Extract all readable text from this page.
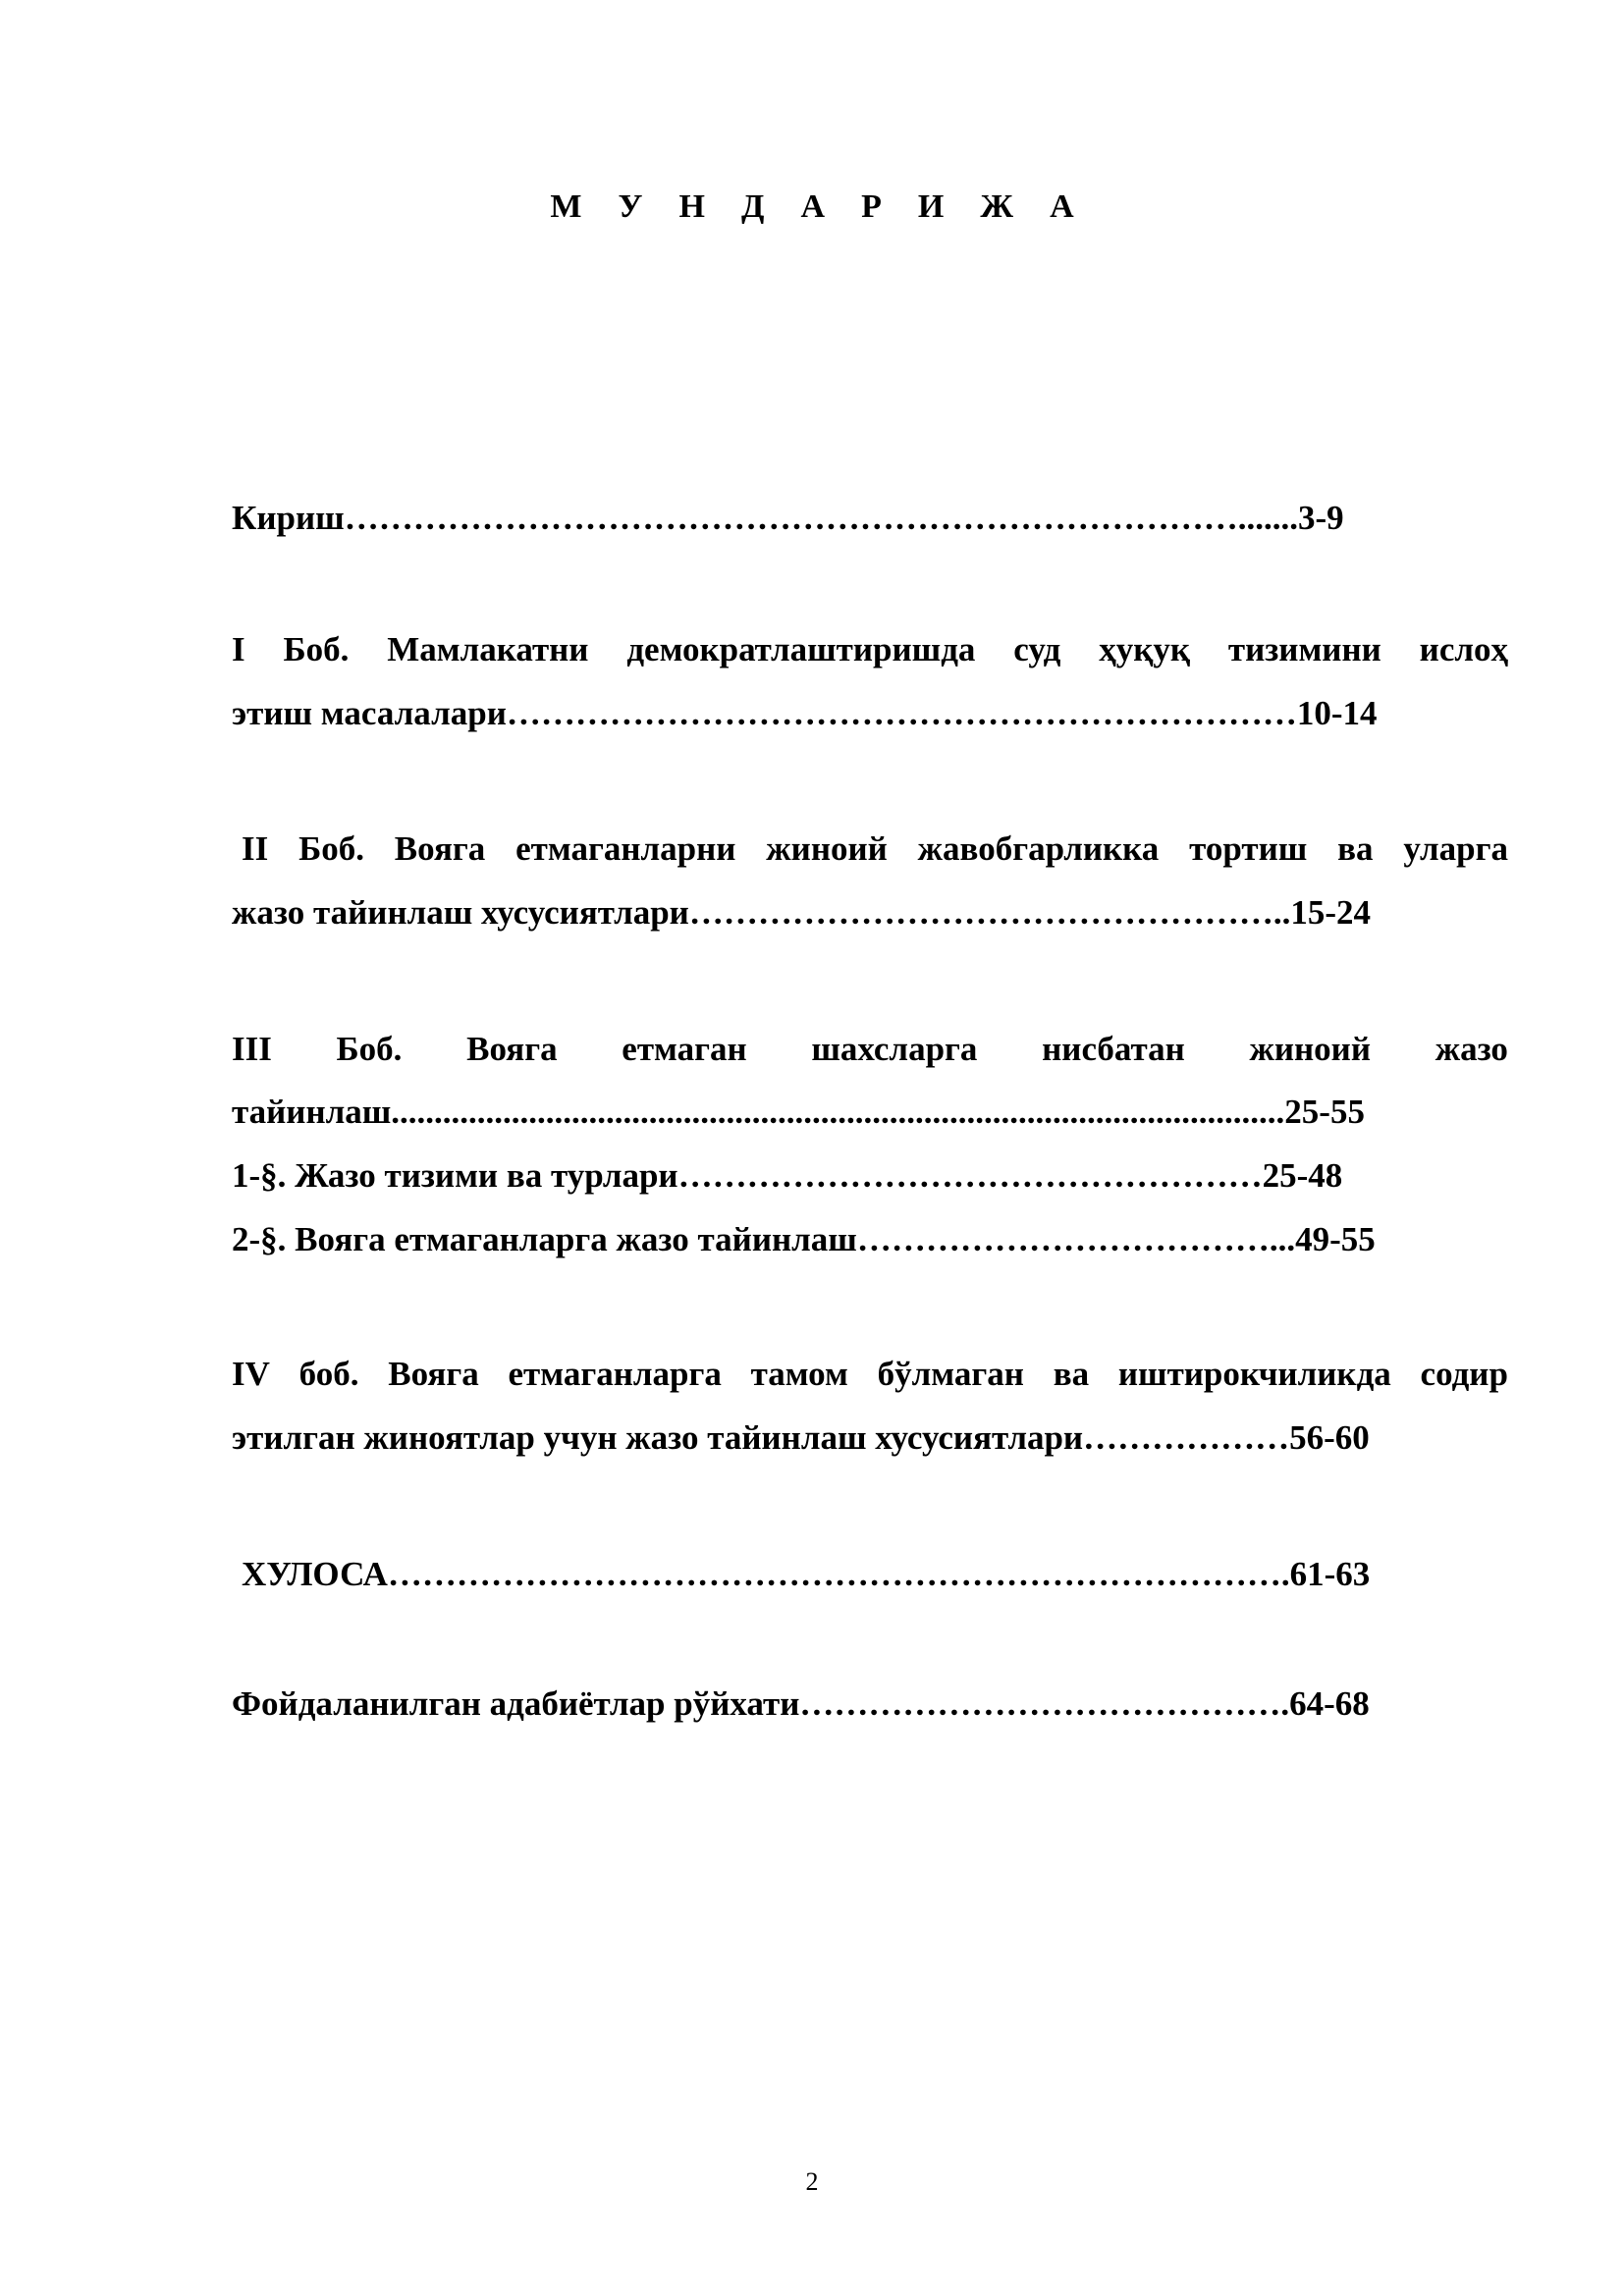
М У Н Д А Р И Ж А
Кириш…………………………………………………………………….......3-9
I Боб. Мамлакатни демократлаштиришда суд ҳуқуқ тизимини ислоҳ
этиш масалалари……………………………………………………………10-14
II Боб. Вояга етмаганларни жиноий жавобгарликка тортиш ва уларга
жазо тайинлаш хусусиятлари……………………………………………..15-24
III Боб. Вояга етмаган шахсларга нисбатан жиноий жазо
тайинлаш........................................................................................................25-55
1-§. Жазо тизими ва турлари……………………………………………25-48
2-§. Вояга етмаганларга жазо тайинлаш………………………………...49-55
IV боб. Вояга етмаганларга тамом бўлмаган ва иштирокчиликда содир
этилган жиноятлар учун жазо тайинлаш хусусиятлари………………56-60
ХУЛОСА…………………………………………………………………….61-63
Фойдаланилган адабиётлар рўйхати…………………………………….64-68
2
